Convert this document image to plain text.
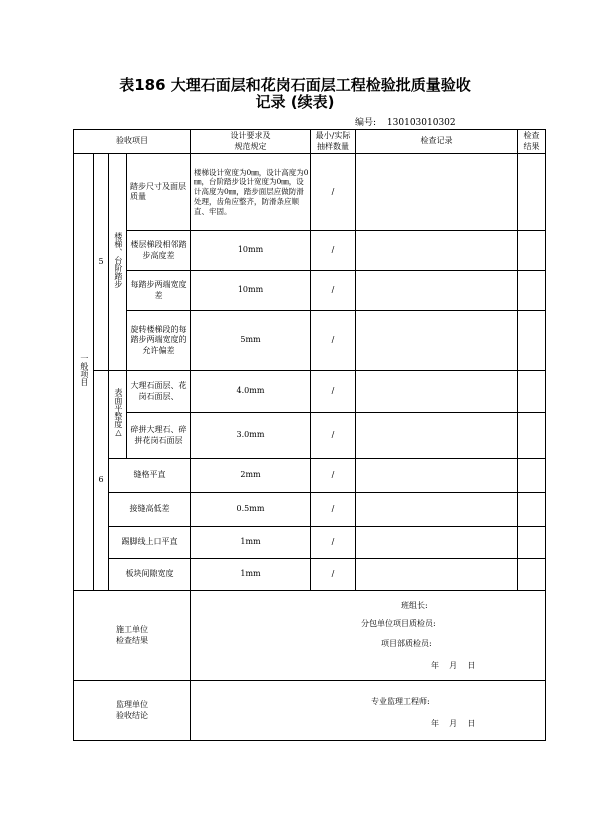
表186 大理石面层和花岗石面层工程检验批质量验收
记录 (续表)
编号: 130103010302
验收项目				设计要求及
规范规定	最小/实际
抽样数量	检查记录	检查
结果
一般项目	5	楼梯、台阶踏步	踏步尺寸及面层质量	楼梯设计宽度为0㎜，设计高度为0㎜，台阶踏步设计宽度为0㎜，设计高度为0㎜，踏步面层应做防滑处理，齿角应整齐，防滑条应顺直、牢固。	/		
			楼层梯段相邻踏步高度差	10mm	/		
			每踏步两端宽度差	10mm	/		
			旋转楼梯段的每踏步两端宽度的允许偏差	5mm	/		
	6	表面平整度△	大理石面层、花岗石面层、	4.0mm	/		
			碎拼大理石、碎拼花岗石面层	3.0mm	/		
		缝格平直		2mm	/		
		接缝高低差		0.5mm	/		
		踢脚线上口平直		1mm	/		
		板块间隙宽度		1mm	/		
施工单位
检查结果				班组长:
分包单位项目质检员:
项目部质检员:
年    月    日			

监理单位
验收结论				专业监理工程师:
年    月    日			
